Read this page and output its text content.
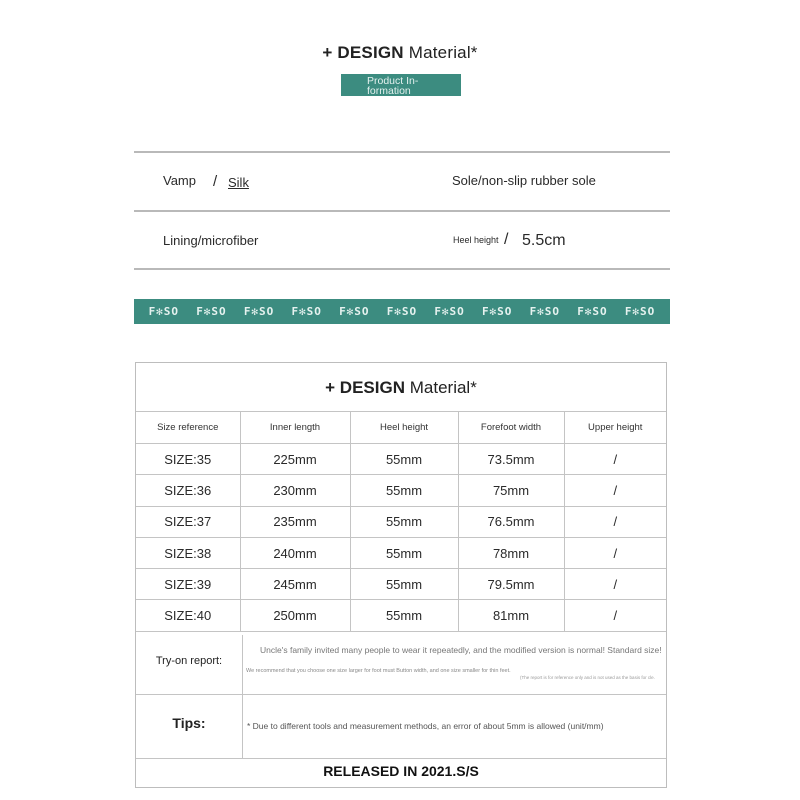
+ DESIGN Material*
Product In- formation
Vamp / Silk	Sole/non-slip rubber sole
Lining/microfiber	Heel height / 5.5cm
F✻SO F✻SO F✻SO F✻SO F✻SO F✻SO F✻SO F✻SO F✻SO F✻SO F✻SO
+ DESIGN Material*
Size reference	Inner length	Heel height	Forefoot width	Upper height
SIZE:35	225mm	55mm	73.5mm	/
SIZE:36	230mm	55mm	75mm	/
SIZE:37	235mm	55mm	76.5mm	/
SIZE:38	240mm	55mm	78mm	/
SIZE:39	245mm	55mm	79.5mm	/
SIZE:40	250mm	55mm	81mm	/
Try-on report:
Uncle's family invited many people to wear it repeatedly, and the modified version is normal! Standard size!
We recommend that you choose one size larger for foot must Button width, and one size smaller for thin feet.
(The report is for reference only and is not used as the basis for cle.
Tips:	* Due to different tools and measurement methods, an error of about 5mm is allowed (unit/mm)
RELEASED IN 2021.S/S
